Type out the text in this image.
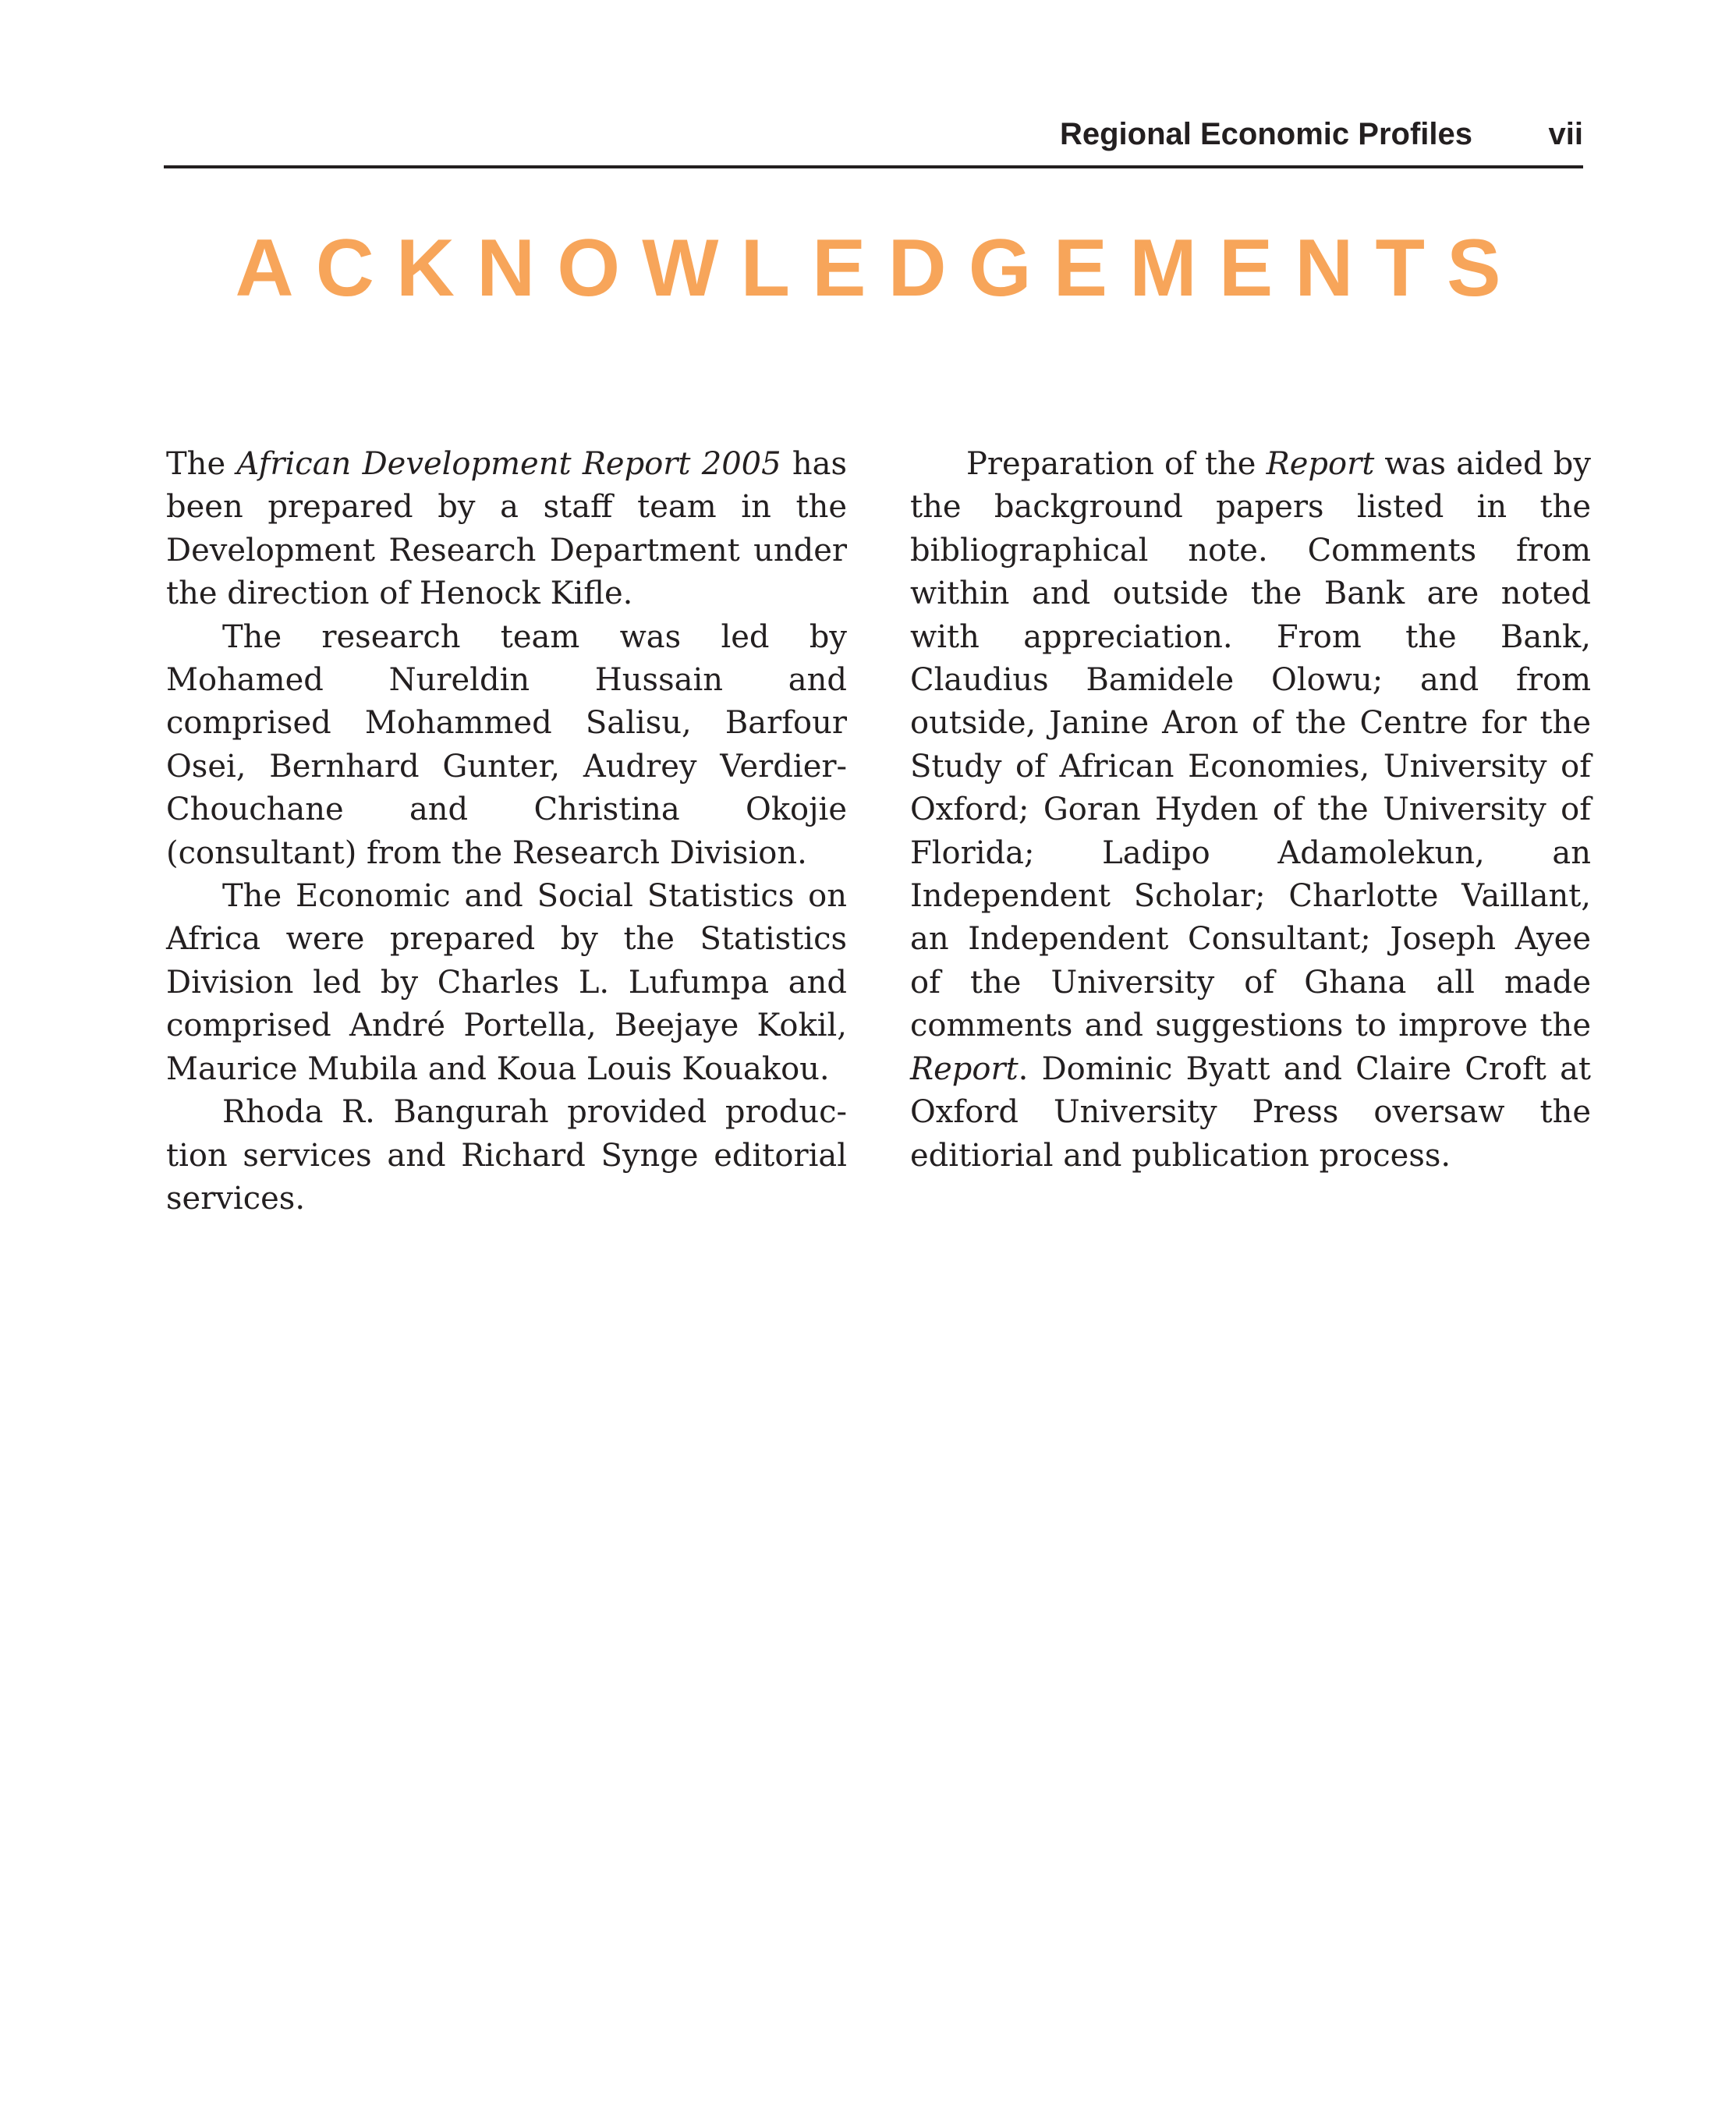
Regional Economic Profiles vii
ACKNOWLEDGEMENTS

The African Development Report 2005 has been prepared by a staff team in the Development Research Department under the direction of Henock Kifle.

The research team was led by Mohamed Nureldin Hussain and comprised Mohammed Salisu, Barfour Osei, Bernhard Gunter, Audrey Verdier-Chouchane and Christina Okojie (consultant) from the Research Division.

The Economic and Social Statistics on Africa were prepared by the Statistics Division led by Charles L. Lufumpa and comprised André Portella, Beejaye Kokil, Maurice Mubila and Koua Louis Kouakou.

Rhoda R. Bangurah provided production services and Richard Synge editorial services.

Preparation of the Report was aided by the background papers listed in the bibliographical note. Comments from within and outside the Bank are noted with appreciation. From the Bank, Claudius Bamidele Olowu; and from outside, Janine Aron of the Centre for the Study of African Economies, University of Oxford; Goran Hyden of the University of Florida; Ladipo Adamolekun, an Independent Scholar; Charlotte Vaillant, an Independent Consultant; Joseph Ayee of the University of Ghana all made comments and suggestions to improve the Report. Dominic Byatt and Claire Croft at Oxford University Press oversaw the editiorial and publication process.
